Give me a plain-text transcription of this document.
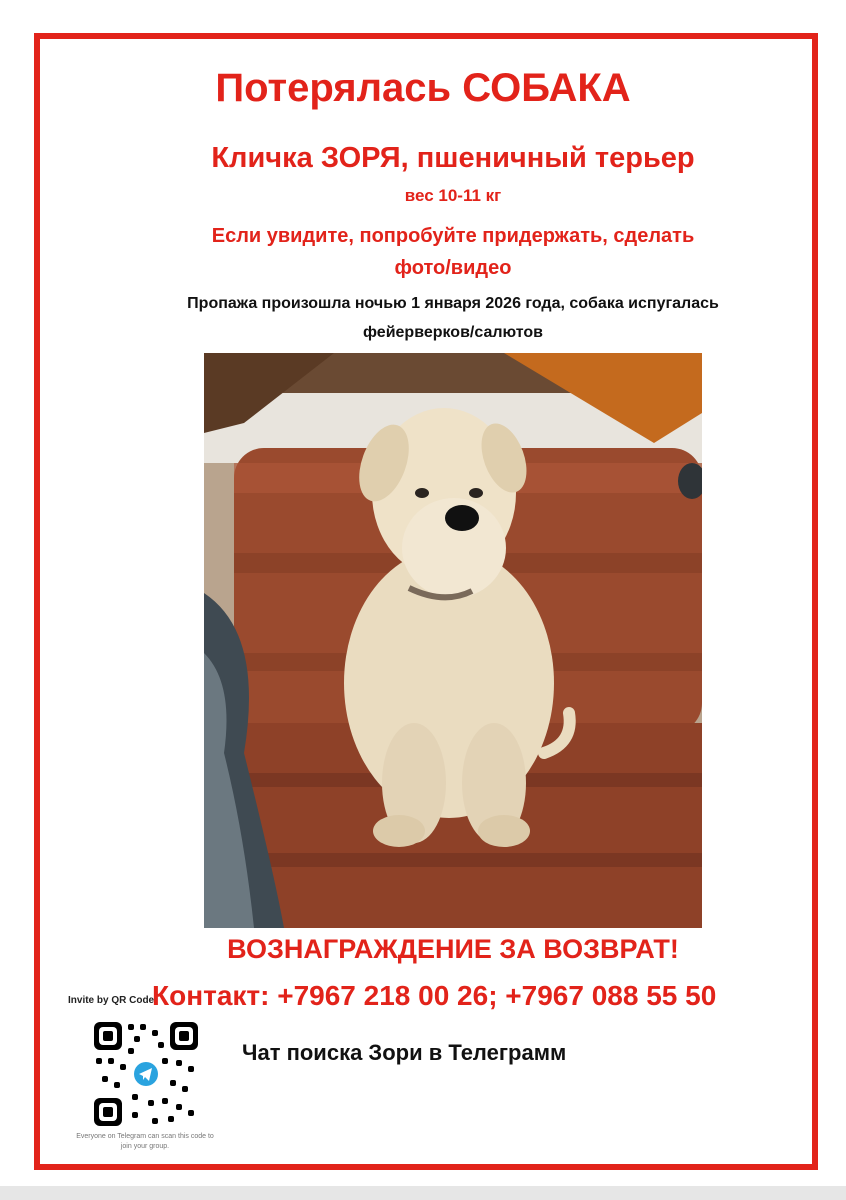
Потерялась СОБАКА
Кличка ЗОРЯ, пшеничный терьер
вес 10-11 кг
Если увидите, попробуйте придержать, сделать
фото/видео
Пропажа произошла ночью 1 января 2026 года, собака испугалась
фейерверков/салютов
ВОЗНАГРАЖДЕНИЕ ЗА ВОЗВРАТ!
Invite by QR Code
Контакт: +7967 218 00 26; +7967 088 55 50
Everyone on Telegram can scan this code to join your group.
Чат поиска Зори в Телеграмм
